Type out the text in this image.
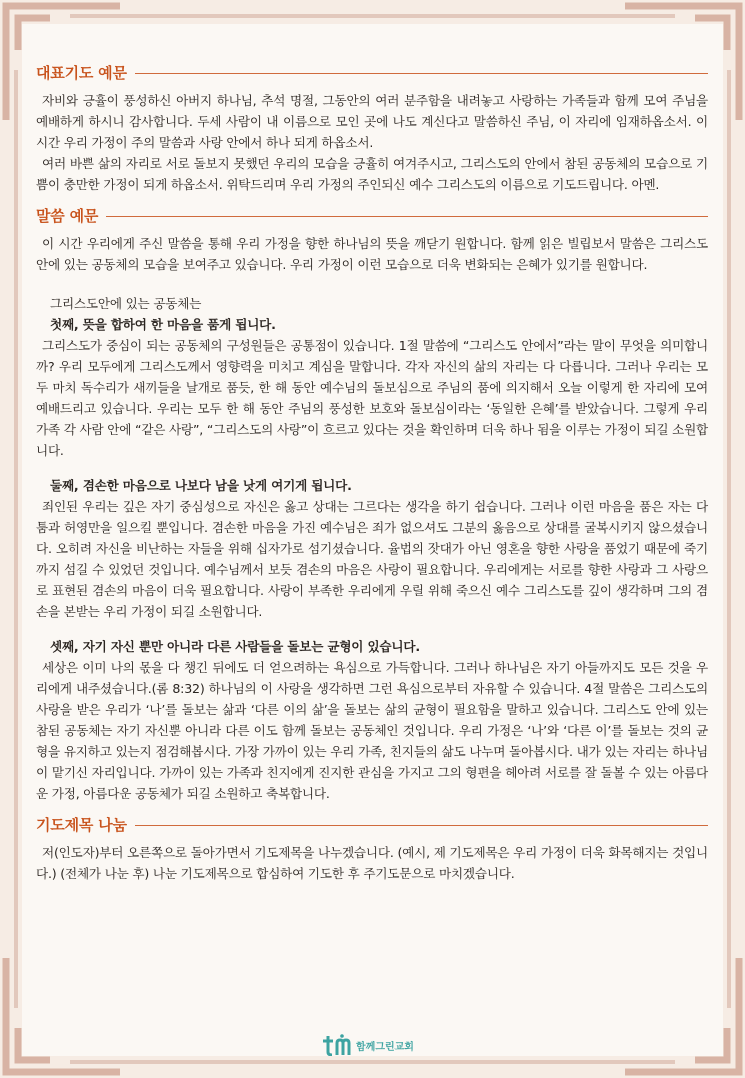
대표기도 예문

자비와 긍휼이 풍성하신 아버지 하나님, 추석 명절, 그동안의 여러 분주함을 내려놓고 사랑하는 가족들과 함께 모여 주님을 예배하게 하시니 감사합니다. 두세 사람이 내 이름으로 모인 곳에 나도 계신다고 말씀하신 주님, 이 자리에 임재하옵소서. 이 시간 우리 가정이 주의 말씀과 사랑 안에서 하나 되게 하옵소서.

여러 바쁜 삶의 자리로 서로 돌보지 못했던 우리의 모습을 긍휼히 여겨주시고, 그리스도의 안에서 참된 공동체의 모습으로 기쁨이 충만한 가정이 되게 하옵소서. 위탁드리며 우리 가정의 주인되신 예수 그리스도의 이름으로 기도드립니다. 아멘.

말씀 예문

이 시간 우리에게 주신 말씀을 통해 우리 가정을 향한 하나님의 뜻을 깨닫기 원합니다. 함께 읽은 빌립보서 말씀은 그리스도 안에 있는 공동체의 모습을 보여주고 있습니다. 우리 가정이 이런 모습으로 더욱 변화되는 은혜가 있기를 원합니다.

그리스도안에 있는 공동체는

첫째, 뜻을 합하여 한 마음을 품게 됩니다.

그리스도가 중심이 되는 공동체의 구성원들은 공통점이 있습니다. 1절 말씀에 “그리스도 안에서”라는 말이 무엇을 의미합니까? 우리 모두에게 그리스도께서 영향력을 미치고 계심을 말합니다. 각자 자신의 삶의 자리는 다 다릅니다. 그러나 우리는 모두 마치 독수리가 새끼들을 날개로 품듯, 한 해 동안 예수님의 돌보심으로 주님의 품에 의지해서 오늘 이렇게 한 자리에 모여 예배드리고 있습니다. 우리는 모두 한 해 동안 주님의 풍성한 보호와 돌보심이라는 ‘동일한 은혜’를 받았습니다. 그렇게 우리 가족 각 사람 안에 “같은 사랑”, “그리스도의 사랑”이 흐르고 있다는 것을 확인하며 더욱 하나 됨을 이루는 가정이 되길 소원합니다.

둘째, 겸손한 마음으로 나보다 남을 낫게 여기게 됩니다.

죄인된 우리는 깊은 자기 중심성으로 자신은 옳고 상대는 그르다는 생각을 하기 쉽습니다. 그러나 이런 마음을 품은 자는 다툼과 허영만을 일으킬 뿐입니다. 겸손한 마음을 가진 예수님은 죄가 없으셔도 그분의 옳음으로 상대를 굴복시키지 않으셨습니다. 오히려 자신을 비난하는 자들을 위해 십자가로 섬기셨습니다. 율법의 잣대가 아닌 영혼을 향한 사랑을 품었기 때문에 죽기까지 섬길 수 있었던 것입니다. 예수님께서 보듯 겸손의 마음은 사랑이 필요합니다. 우리에게는 서로를 향한 사랑과 그 사랑으로 표현된 겸손의 마음이 더욱 필요합니다. 사랑이 부족한 우리에게 우릴 위해 죽으신 예수 그리스도를 깊이 생각하며 그의 겸손을 본받는 우리 가정이 되길 소원합니다.

셋째, 자기 자신 뿐만 아니라 다른 사람들을 돌보는 균형이 있습니다.

세상은 이미 나의 몫을 다 챙긴 뒤에도 더 얻으려하는 욕심으로 가득합니다. 그러나 하나님은 자기 아들까지도 모든 것을 우리에게 내주셨습니다.(롬 8:32) 하나님의 이 사랑을 생각하면 그런 욕심으로부터 자유할 수 있습니다. 4절 말씀은 그리스도의 사랑을 받은 우리가 ‘나’를 돌보는 삶과 ‘다른 이의 삶’을 돌보는 삶의 균형이 필요함을 말하고 있습니다. 그리스도 안에 있는 참된 공동체는 자기 자신뿐 아니라 다른 이도 함께 돌보는 공동체인 것입니다. 우리 가정은 ‘나’와 ‘다른 이’를 돌보는 것의 균형을 유지하고 있는지 점검해봅시다. 가장 가까이 있는 우리 가족, 친지들의 삶도 나누며 돌아봅시다. 내가 있는 자리는 하나님이 맡기신 자리입니다. 가까이 있는 가족과 친지에게 진지한 관심을 가지고 그의 형편을 헤아려 서로를 잘 돌볼 수 있는 아름다운 가정, 아름다운 공동체가 되길 소원하고 축복합니다.

기도제목 나눔

저(인도자)부터 오른쪽으로 돌아가면서 기도제목을 나누겠습니다. (예시, 제 기도제목은 우리 가정이 더욱 화목해지는 것입니다.) (전체가 나눈 후) 나눈 기도제목으로 합심하여 기도한 후 주기도문으로 마치겠습니다.

함께그린교회
